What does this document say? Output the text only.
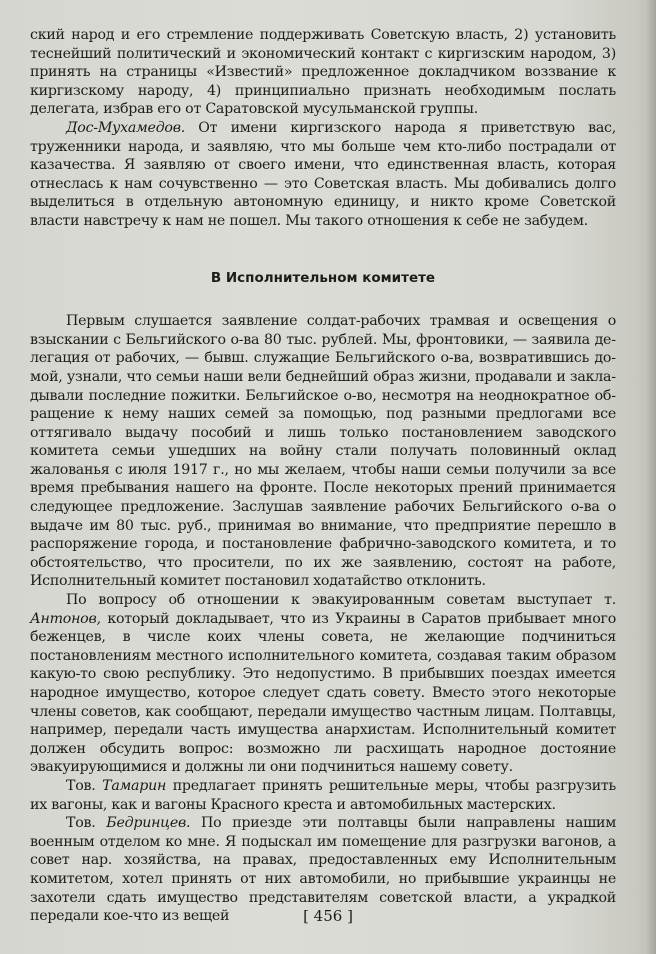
ский народ и его стремление поддерживать Советскую власть, 2) установить теснейший политический и экономический контакт с киргизским народом, 3) принять на страницы «Известий» предложенное докладчиком воззвание к киргизскому народу, 4) принципиально признать необходимым послать делегата, избрав его от Саратовской мусульманской группы.

Дос-Мухамедов. От имени киргизского народа я приветствую вас, труженники народа, и заявляю, что мы больше чем кто-либо пострадали от казачества. Я заявляю от своего имени, что единственная власть, которая отнеслась к нам сочувственно — это Советская власть. Мы добивались долго выделиться в отдельную автономную единицу, и никто кроме Советской власти навстречу к нам не пошел. Мы такого отношения к себе не забудем.

В Исполнительном комитете

Первым слушается заявление солдат-рабочих трамвая и освещения о взыскании с Бельгийского о-ва 80 тыс. рублей. Мы, фронтовики, — заявила делегация от рабочих, — бывш. служащие Бельгийского о-ва, возвратившись домой, узнали, что семьи наши вели беднейший образ жизни, продавали и закладывали последние пожитки. Бельгийское о-во, несмотря на неоднократное обращение к нему наших семей за помощью, под разными предлогами все оттягивало выдачу пособий и лишь только постановлением заводского комитета семьи ушедших на войну стали получать половинный оклад жалованья с июля 1917 г., но мы желаем, чтобы наши семьи получили за все время пребывания нашего на фронте. После некоторых прений принимается следующее предложение. Заслушав заявление рабочих Бельгийского о-ва о выдаче им 80 тыс. руб., принимая во внимание, что предприятие перешло в распоряжение города, и постановление фабрично-заводского комитета, и то обстоятельство, что просители, по их же заявлению, состоят на работе, Исполнительный комитет постановил ходатайство отклонить.

По вопросу об отношении к эвакуированным советам выступает т. Антонов, который докладывает, что из Украины в Саратов прибывает много беженцев, в числе коих члены совета, не желающие подчиниться постановлениям местного исполнительного комитета, создавая таким образом какую-то свою республику. Это недопустимо. В прибывших поездах имеется народное имущество, которое следует сдать совету. Вместо этого некоторые члены советов, как сообщают, передали имущество частным лицам. Полтавцы, например, передали часть имущества анархистам. Исполнительный комитет должен обсудить вопрос: возможно ли расхищать народное достояние эвакуирующимися и должны ли они подчиниться нашему совету.

Тов. Тамарин предлагает принять решительные меры, чтобы разгрузить их вагоны, как и вагоны Красного креста и автомобильных мастерских.

Тов. Бедринцев. По приезде эти полтавцы были направлены нашим военным отделом ко мне. Я подыскал им помещение для разгрузки вагонов, а совет нар. хозяйства, на правах, предоставленных ему Исполнительным комитетом, хотел принять от них автомобили, но прибывшие украинцы не захотели сдать имущество представителям советской власти, а украдкой передали кое-что из вещей	[ 456 ]
